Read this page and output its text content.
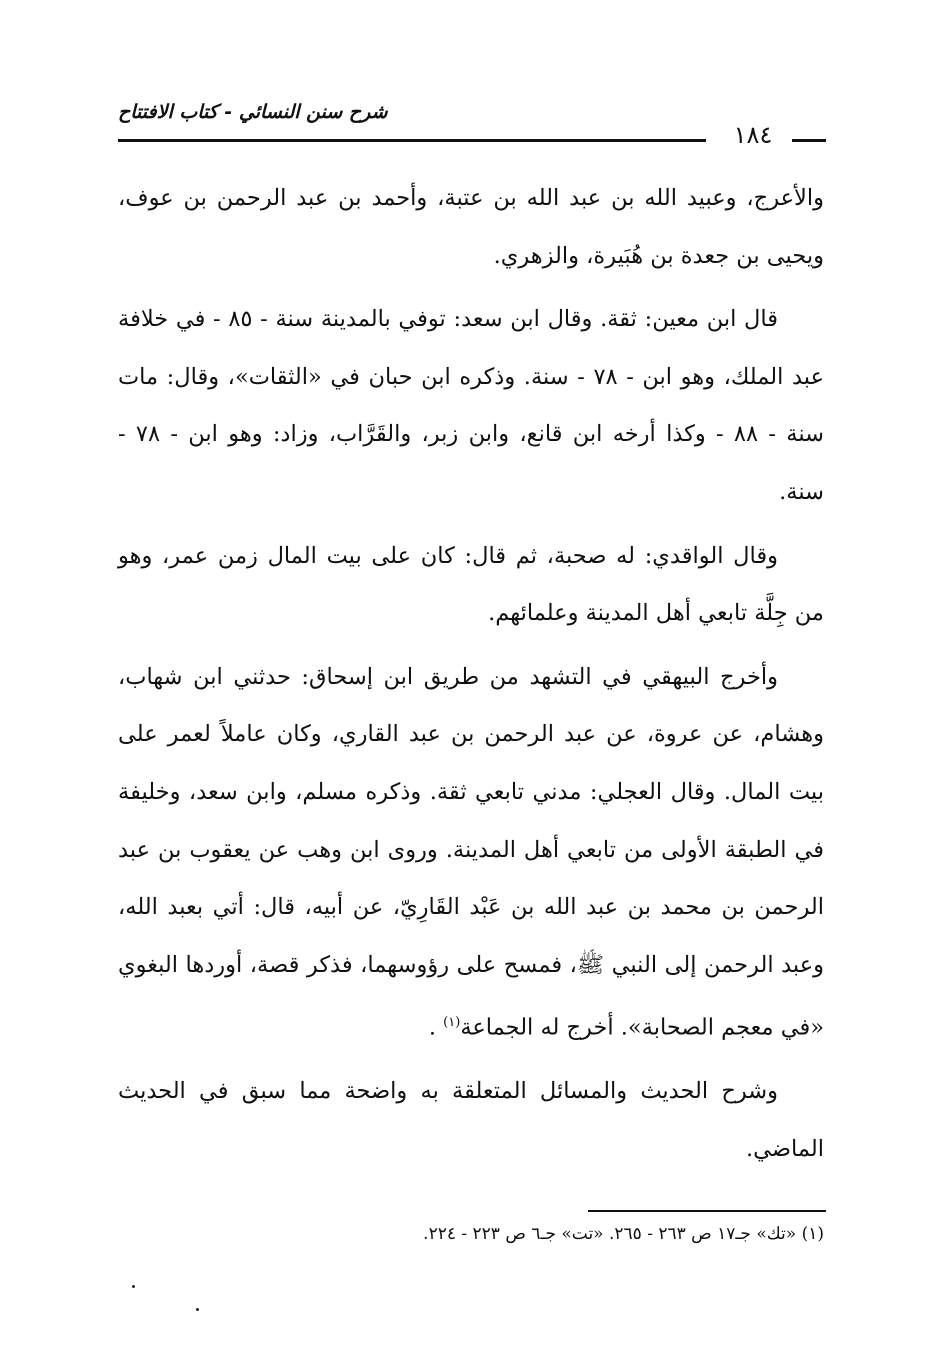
شرح سنن النسائي - كتاب الافتتاح
١٨٤

والأعرج، وعبيد الله بن عبد الله بن عتبة، وأحمد بن عبد الرحمن بن عوف، ويحيى بن جعدة بن هُبَيرة، والزهري.

قال ابن معين: ثقة. وقال ابن سعد: توفي بالمدينة سنة - ٨٥ - في خلافة عبد الملك، وهو ابن - ٧٨ - سنة. وذكره ابن حبان في «الثقات»، وقال: مات سنة - ٨٨ - وكذا أرخه ابن قانع، وابن زبر، والقَرَّاب، وزاد: وهو ابن - ٧٨ - سنة.

وقال الواقدي: له صحبة، ثم قال: كان على بيت المال زمن عمر، وهو من جِلَّة تابعي أهل المدينة وعلمائهم.

وأخرج البيهقي في التشهد من طريق ابن إسحاق: حدثني ابن شهاب، وهشام، عن عروة، عن عبد الرحمن بن عبد القاري، وكان عاملاً لعمر على بيت المال. وقال العجلي: مدني تابعي ثقة. وذكره مسلم، وابن سعد، وخليفة في الطبقة الأولى من تابعي أهل المدينة. وروى ابن وهب عن يعقوب بن عبد الرحمن بن محمد بن عبد الله بن عَبْد القَارِيّ، عن أبيه، قال: أتي بعبد الله، وعبد الرحمن إلى النبي ﷺ، فمسح على رؤوسهما، فذكر قصة، أوردها البغوي «في معجم الصحابة». أخرج له الجماعة$^{(١)}$ .

وشرح الحديث والمسائل المتعلقة به واضحة مما سبق في الحديث الماضي.

(١) «تك» جـ١٧ ص ٢٦٣ - ٢٦٥. «تت» جـ٦ ص ٢٢٣ - ٢٢٤.
